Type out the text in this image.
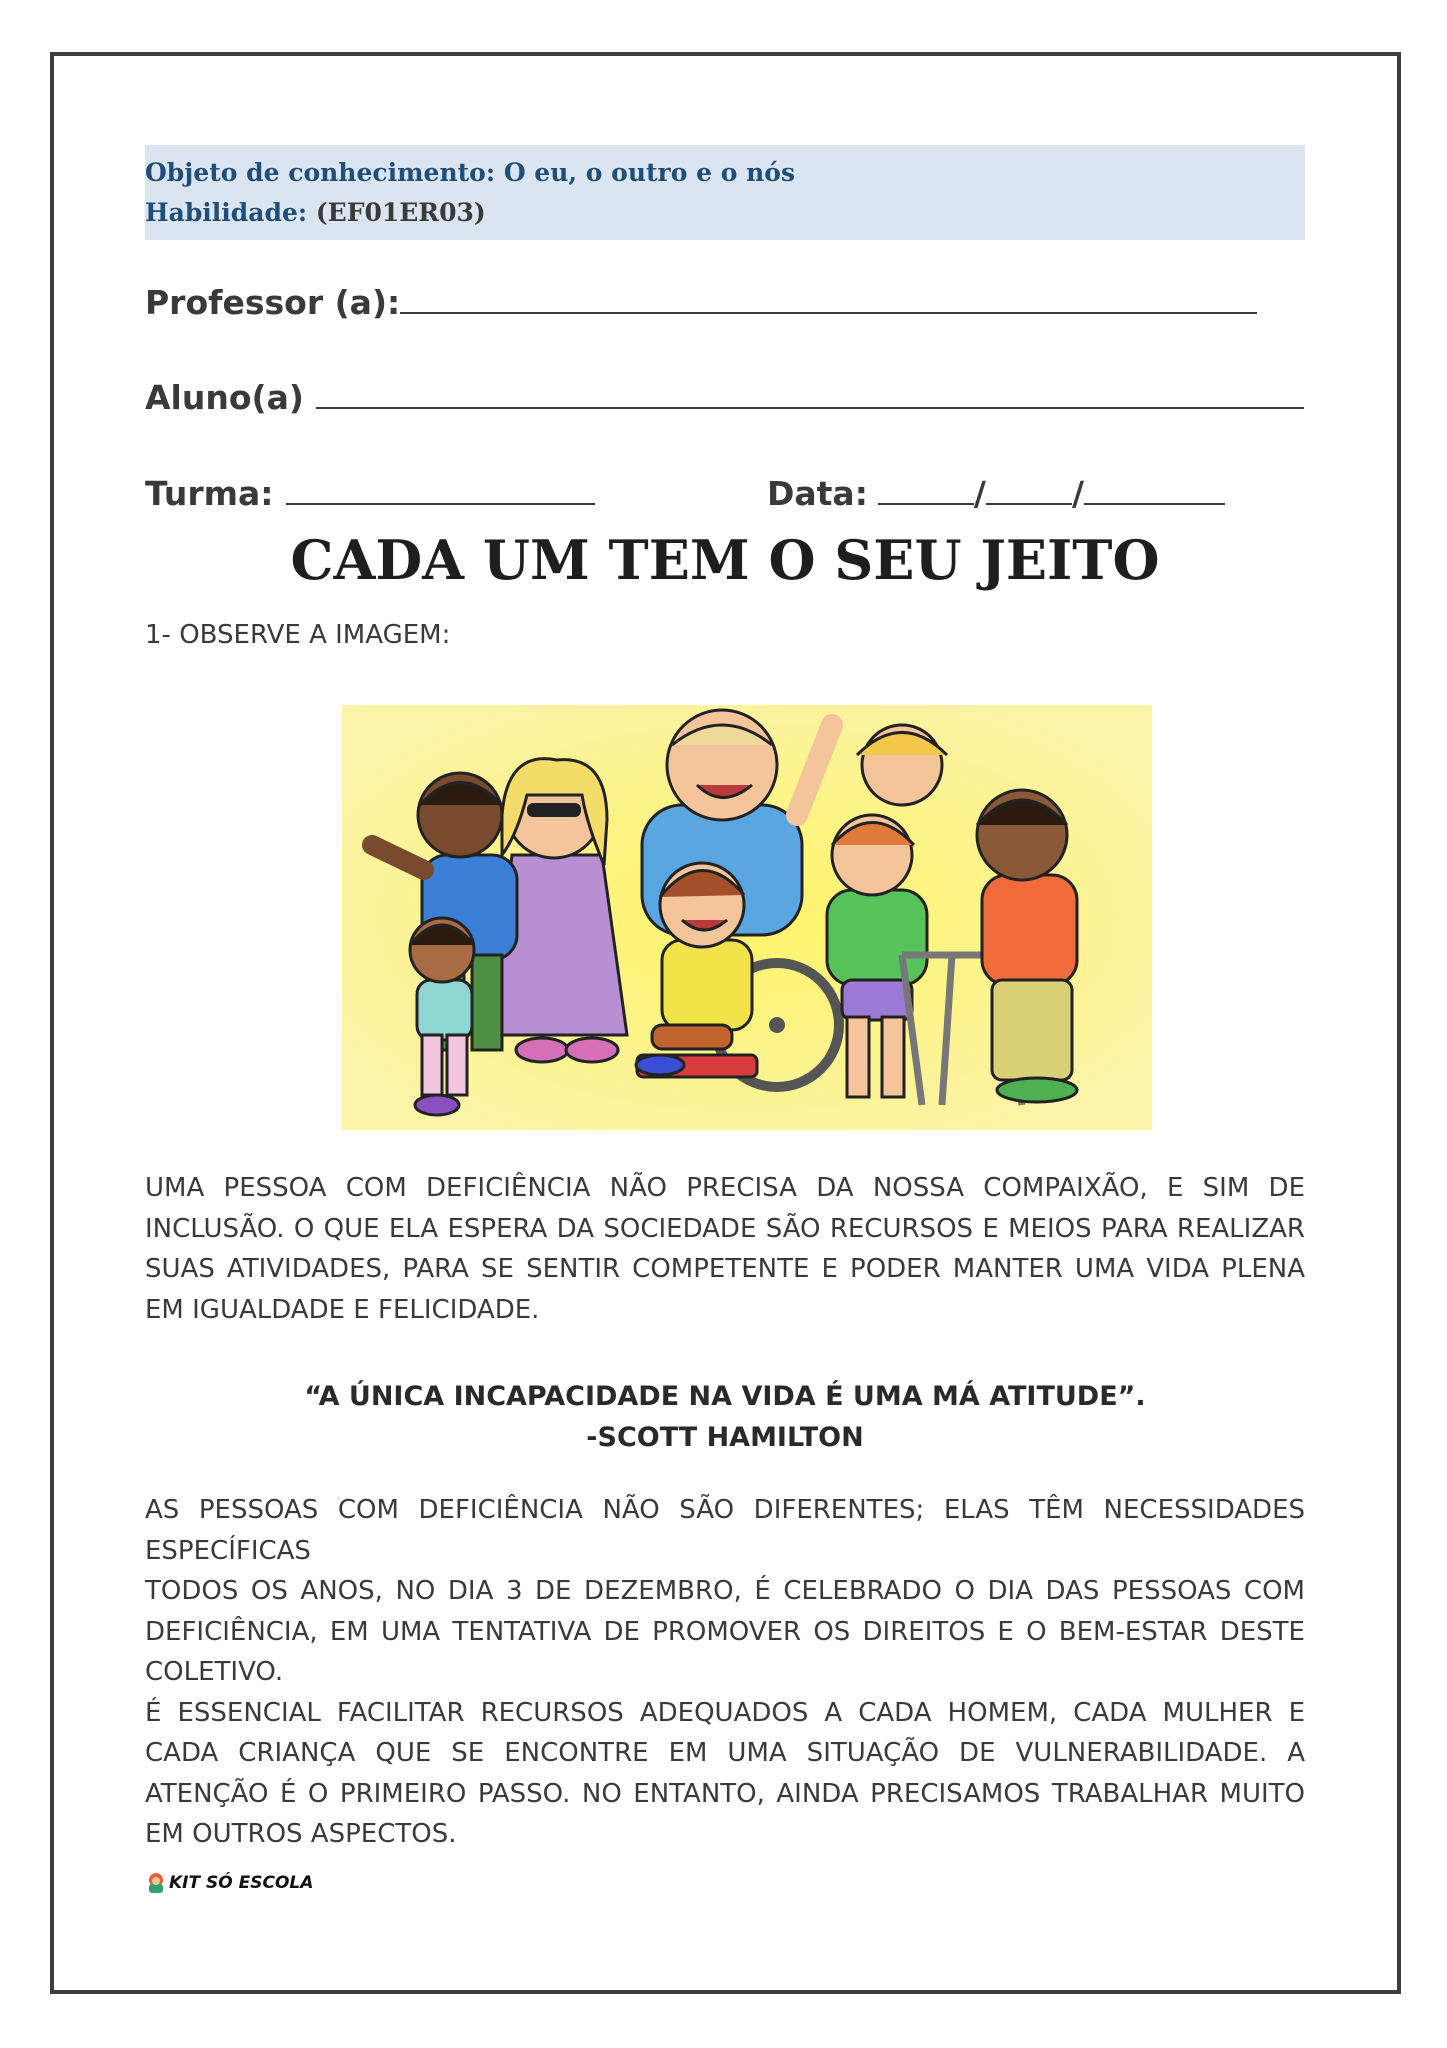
Objeto de conhecimento: O eu, o outro e o nós
Habilidade: (EF01ER03)
Professor (a):
Aluno(a)
Turma:	Data:	/	/
CADA UM TEM O SEU JEITO
1- OBSERVE A IMAGEM:

UMA PESSOA COM DEFICIÊNCIA NÃO PRECISA DA NOSSA COMPAIXÃO, E SIM DE INCLUSÃO. O QUE ELA ESPERA DA SOCIEDADE SÃO RECURSOS E MEIOS PARA REALIZAR SUAS ATIVIDADES, PARA SE SENTIR COMPETENTE E PODER MANTER UMA VIDA PLENA EM IGUALDADE E FELICIDADE.

“A ÚNICA INCAPACIDADE NA VIDA É UMA MÁ ATITUDE”.
-SCOTT HAMILTON

AS PESSOAS COM DEFICIÊNCIA NÃO SÃO DIFERENTES; ELAS TÊM NECESSIDADES ESPECÍFICAS

TODOS OS ANOS, NO DIA 3 DE DEZEMBRO, É CELEBRADO O DIA DAS PESSOAS COM DEFICIÊNCIA, EM UMA TENTATIVA DE PROMOVER OS DIREITOS E O BEM-ESTAR DESTE COLETIVO.

É ESSENCIAL FACILITAR RECURSOS ADEQUADOS A CADA HOMEM, CADA MULHER E CADA CRIANÇA QUE SE ENCONTRE EM UMA SITUAÇÃO DE VULNERABILIDADE. A ATENÇÃO É O PRIMEIRO PASSO. NO ENTANTO, AINDA PRECISAMOS TRABALHAR MUITO EM OUTROS ASPECTOS.

KIT SÓ ESCOLA
